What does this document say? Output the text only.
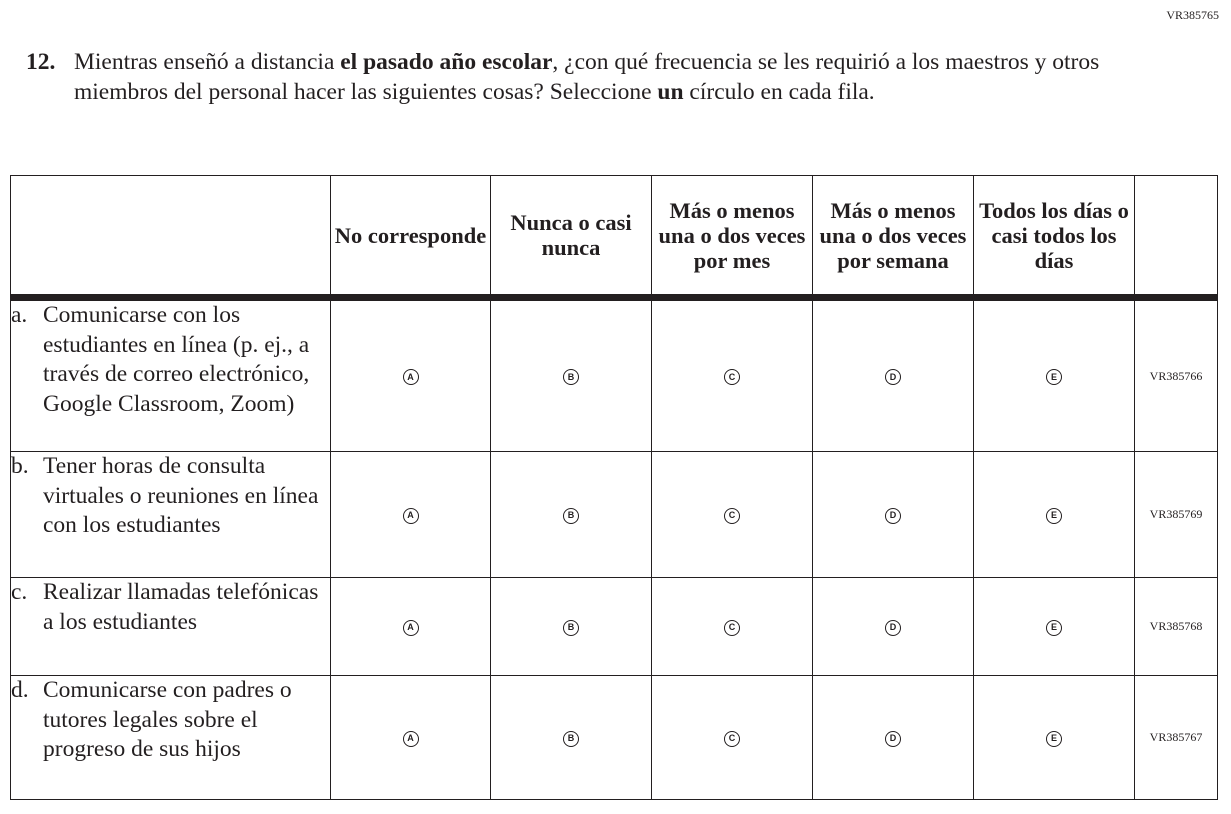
VR385765
12. Mientras enseñó a distancia el pasado año escolar, ¿con qué frecuencia se les requirió a los maestros y otros miembros del personal hacer las siguientes cosas? Seleccione un círculo en cada fila.
	No corresponde	Nunca o casi nunca	Más o menos una o dos veces por mes	Más o menos una o dos veces por semana	Todos los días o casi todos los días	

a. Comunicarse con los estudiantes en línea (p. ej., a través de correo electrónico, Google Classroom, Zoom)	A	B	C	D	E	VR385766

b. Tener horas de consulta virtuales o reuniones en línea con los estudiantes	A	B	C	D	E	VR385769

c. Realizar llamadas telefónicas a los estudiantes	A	B	C	D	E	VR385768

d. Comunicarse con padres o tutores legales sobre el progreso de sus hijos	A	B	C	D	E	VR385767
